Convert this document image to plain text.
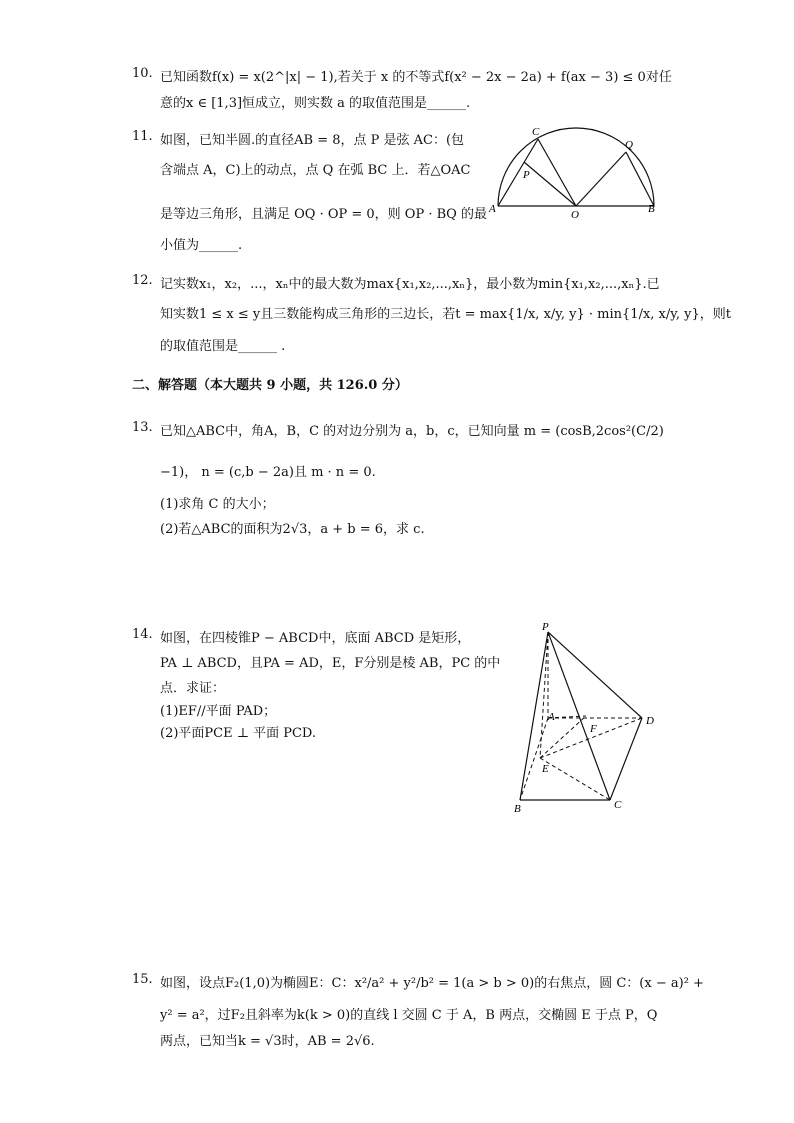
10. 已知函数f(x) = x(2^|x| − 1),若关于 x 的不等式f(x² − 2x − 2a) + f(ax − 3) ≤ 0对任
意的x ∈ [1,3]恒成立，则实数 a 的取值范围是______.
11. 如图，已知半圆.的直径AB = 8，点 P 是弦 AC：(包
含端点 A，C)上的动点，点 Q 在弧 BC 上．若△OAC
是等边三角形，且满足 OQ · OP = 0，则 OP · BQ 的最
小值为______.
C
Q
P
A	O	B
12. 记实数x₁，x₂，...，xₙ中的最大数为max{x₁,x₂,...,xₙ}，最小数为min{x₁,x₂,...,xₙ}.已
知实数1 ≤ x ≤ y且三数能构成三角形的三边长，若t = max{1/x, x/y, y} · min{1/x, x/y, y}，则t
的取值范围是______ .
二、解答题（本大题共 9 小题，共 126.0 分）
13. 已知△ABC中，角A，B，C 的对边分别为 a，b，c，已知向量 m = (cosB,2cos²(C/2)
−1)， n = (c,b − 2a)且 m · n = 0.
(1)求角 C 的大小；
(2)若△ABC的面积为2√3，a + b = 6，求 c.
14. 如图，在四棱锥P − ABCD中，底面 ABCD 是矩形，
PA ⊥ ABCD，且PA = AD，E，F分别是棱 AB，PC 的中
点．求证：
(1)EF//平面 PAD；
(2)平面PCE ⊥ 平面 PCD.
P
A	D
F
E
B	C
15. 如图，设点F₂(1,0)为椭圆E：C：x²/a² + y²/b² = 1(a > b > 0)的右焦点，圆 C：(x − a)² +
y² = a²，过F₂且斜率为k(k > 0)的直线 l 交圆 C 于 A，B 两点，交椭圆 E 于点 P，Q
两点，已知当k = √3时，AB = 2√6.
